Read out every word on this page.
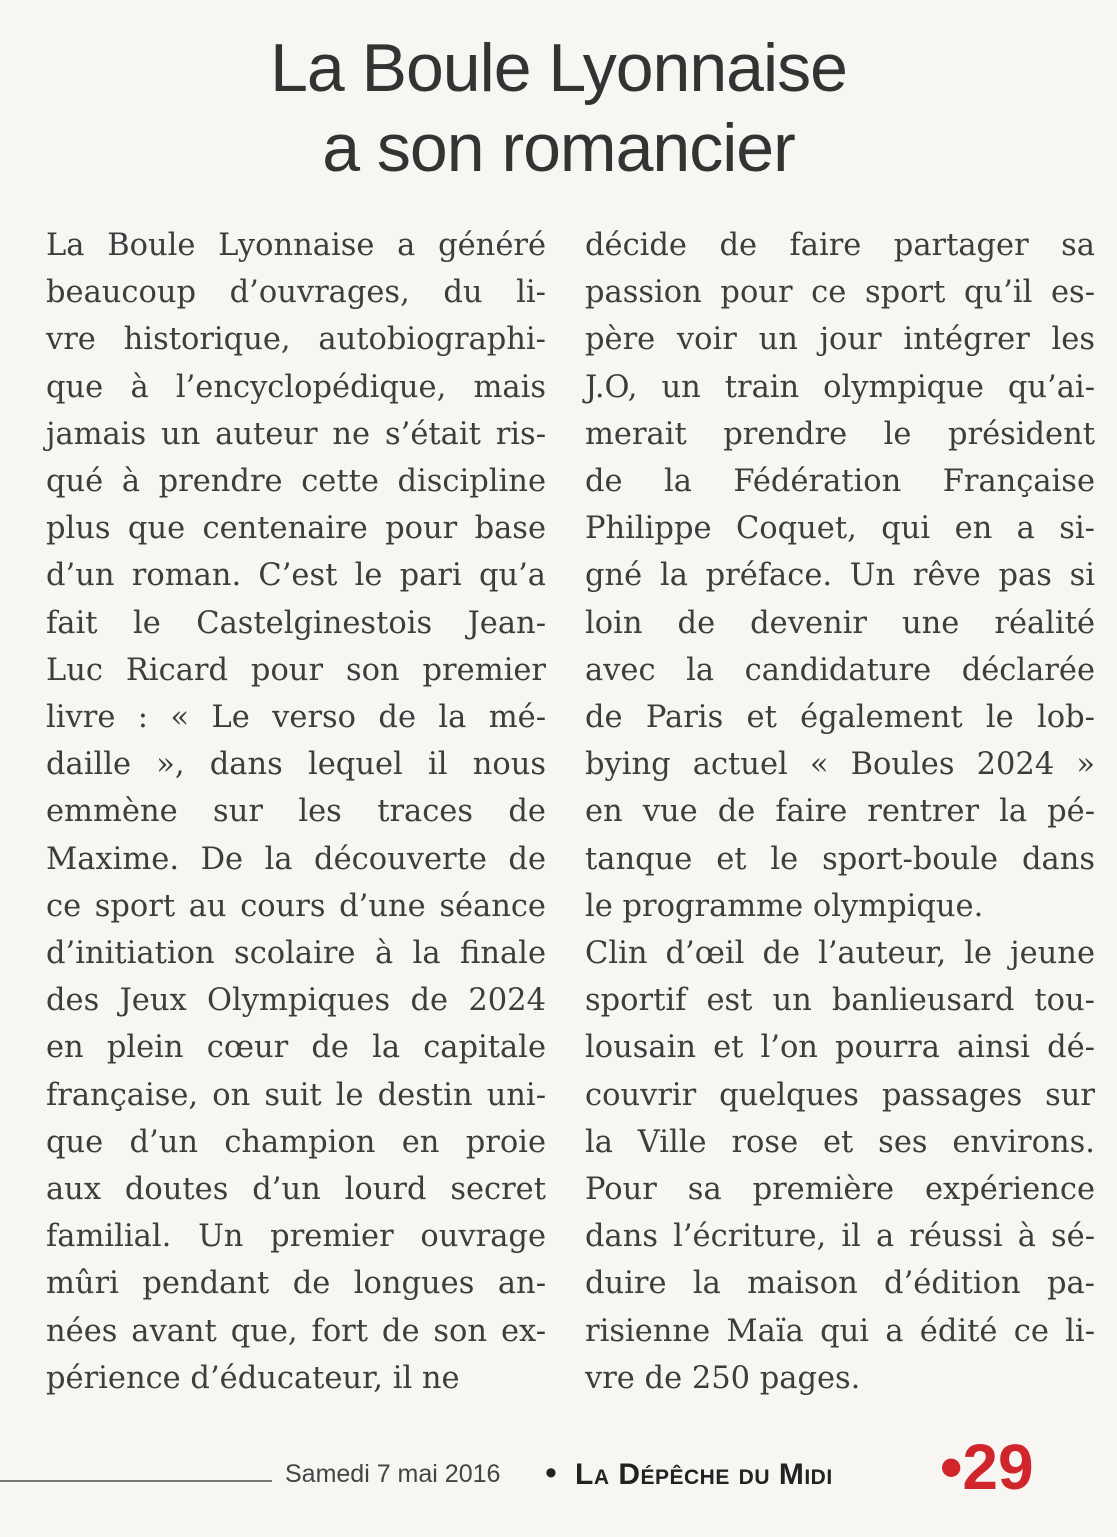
La Boule Lyonnaise
a son romancier
La Boule Lyonnaise a généré
beaucoup d’ouvrages, du li-
vre historique, autobiographi-
que à l’encyclopédique, mais
jamais un auteur ne s’était ris-
qué à prendre cette discipline
plus que centenaire pour base
d’un roman. C’est le pari qu’a
fait le Castelginestois Jean-
Luc Ricard pour son premier
livre : « Le verso de la mé-
daille », dans lequel il nous
emmène sur les traces de
Maxime. De la découverte de
ce sport au cours d’une séance
d’initiation scolaire à la finale
des Jeux Olympiques de 2024
en plein cœur de la capitale
française, on suit le destin uni-
que d’un champion en proie
aux doutes d’un lourd secret
familial. Un premier ouvrage
mûri pendant de longues an-
nées avant que, fort de son ex-
périence d’éducateur, il ne
décide de faire partager sa
passion pour ce sport qu’il es-
père voir un jour intégrer les
J.O, un train olympique qu’ai-
merait prendre le président
de la Fédération Française
Philippe Coquet, qui en a si-
gné la préface. Un rêve pas si
loin de devenir une réalité
avec la candidature déclarée
de Paris et également le lob-
bying actuel « Boules 2024 »
en vue de faire rentrer la pé-
tanque et le sport-boule dans
le programme olympique.
Clin d’œil de l’auteur, le jeune
sportif est un banlieusard tou-
lousain et l’on pourra ainsi dé-
couvrir quelques passages sur
la Ville rose et ses environs.
Pour sa première expérience
dans l’écriture, il a réussi à sé-
duire la maison d’édition pa-
risienne Maïa qui a édité ce li-
vre de 250 pages.
Samedi 7 mai 2016 • La Dépêche du Midi •29
